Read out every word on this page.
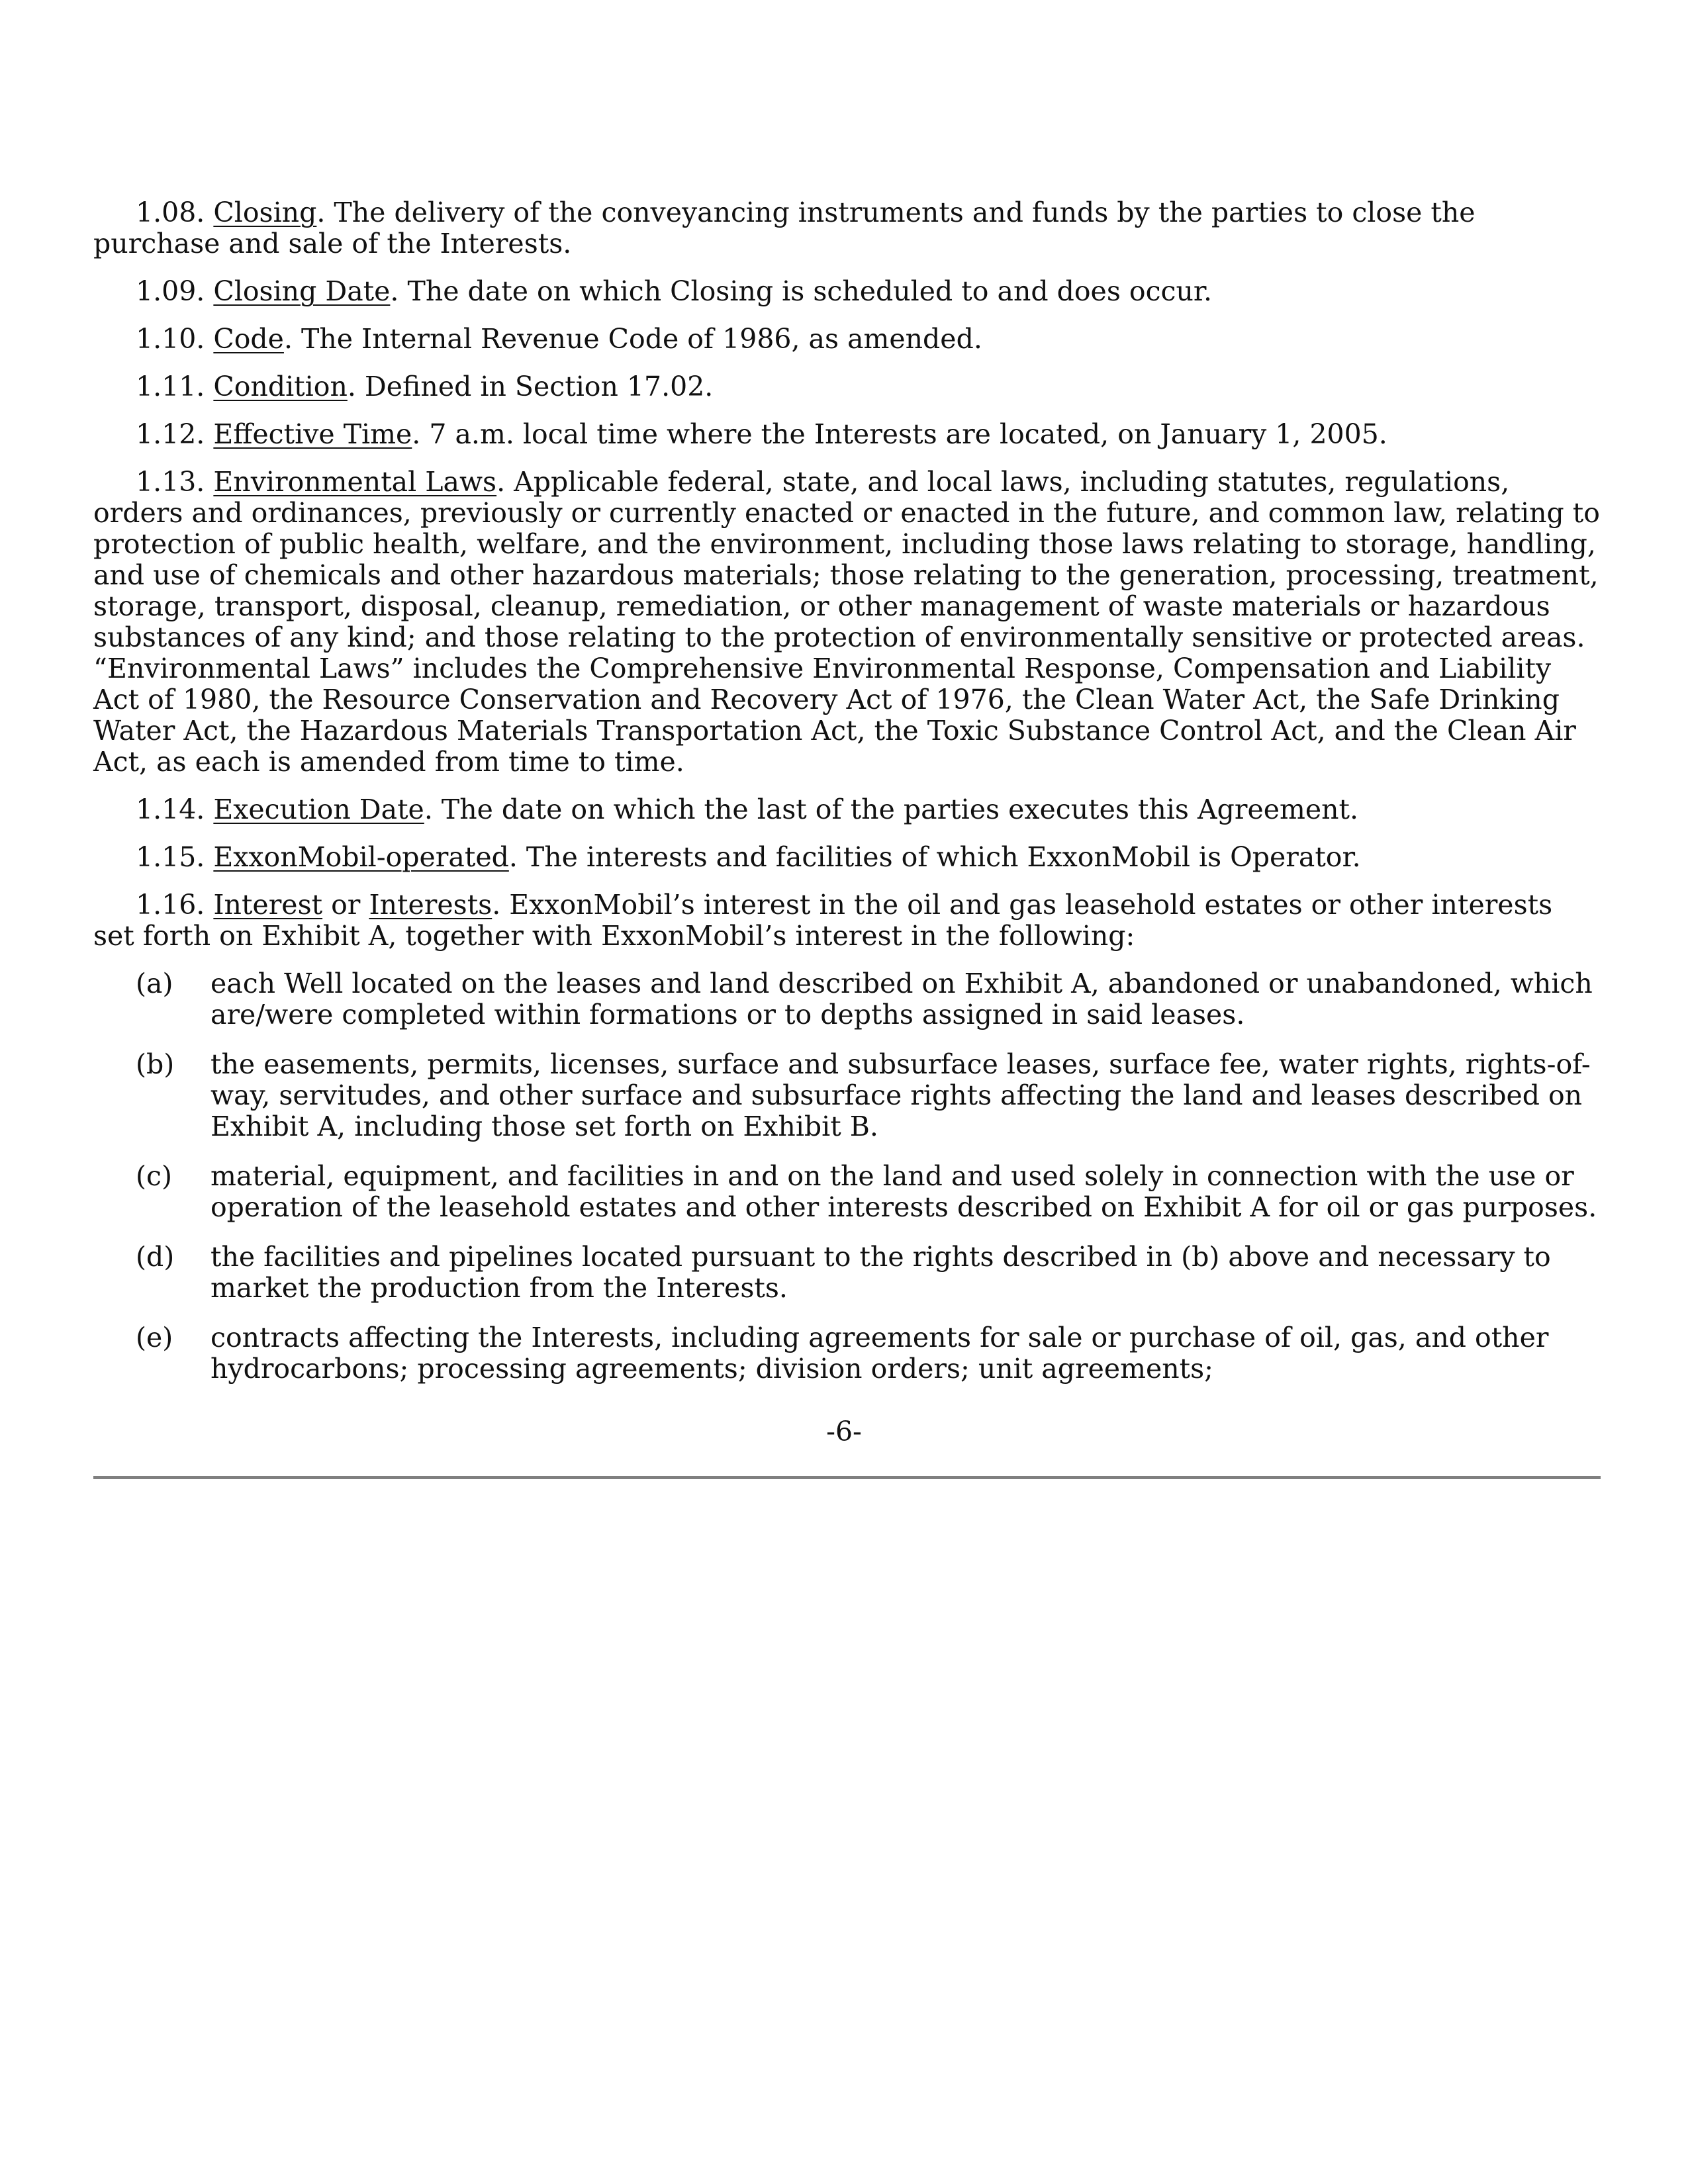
1.08. Closing. The delivery of the conveyancing instruments and funds by the parties to close the purchase and sale of the Interests.

1.09. Closing Date. The date on which Closing is scheduled to and does occur.

1.10. Code. The Internal Revenue Code of 1986, as amended.

1.11. Condition. Defined in Section 17.02.

1.12. Effective Time. 7 a.m. local time where the Interests are located, on January 1, 2005.

1.13. Environmental Laws. Applicable federal, state, and local laws, including statutes, regulations, orders and ordinances, previously or currently enacted or enacted in the future, and common law, relating to protection of public health, welfare, and the environment, including those laws relating to storage, handling, and use of chemicals and other hazardous materials; those relating to the generation, processing, treatment, storage, transport, disposal, cleanup, remediation, or other management of waste materials or hazardous substances of any kind; and those relating to the protection of environmentally sensitive or protected areas. “Environmental Laws” includes the Comprehensive Environmental Response, Compensation and Liability Act of 1980, the Resource Conservation and Recovery Act of 1976, the Clean Water Act, the Safe Drinking Water Act, the Hazardous Materials Transportation Act, the Toxic Substance Control Act, and the Clean Air Act, as each is amended from time to time.

1.14. Execution Date. The date on which the last of the parties executes this Agreement.

1.15. ExxonMobil-operated. The interests and facilities of which ExxonMobil is Operator.

1.16. Interest or Interests. ExxonMobil’s interest in the oil and gas leasehold estates or other interests set forth on Exhibit A, together with ExxonMobil’s interest in the following:

(a)	each Well located on the leases and land described on Exhibit A, abandoned or unabandoned, which are/were completed within formations or to depths assigned in said leases.
(b)	the easements, permits, licenses, surface and subsurface leases, surface fee, water rights, rights-of-way, servitudes, and other surface and subsurface rights affecting the land and leases described on Exhibit A, including those set forth on Exhibit B.
(c)	material, equipment, and facilities in and on the land and used solely in connection with the use or operation of the leasehold estates and other interests described on Exhibit A for oil or gas purposes.
(d)	the facilities and pipelines located pursuant to the rights described in (b) above and necessary to market the production from the Interests.
(e)	contracts affecting the Interests, including agreements for sale or purchase of oil, gas, and other hydrocarbons; processing agreements; division orders; unit agreements;
-6-
